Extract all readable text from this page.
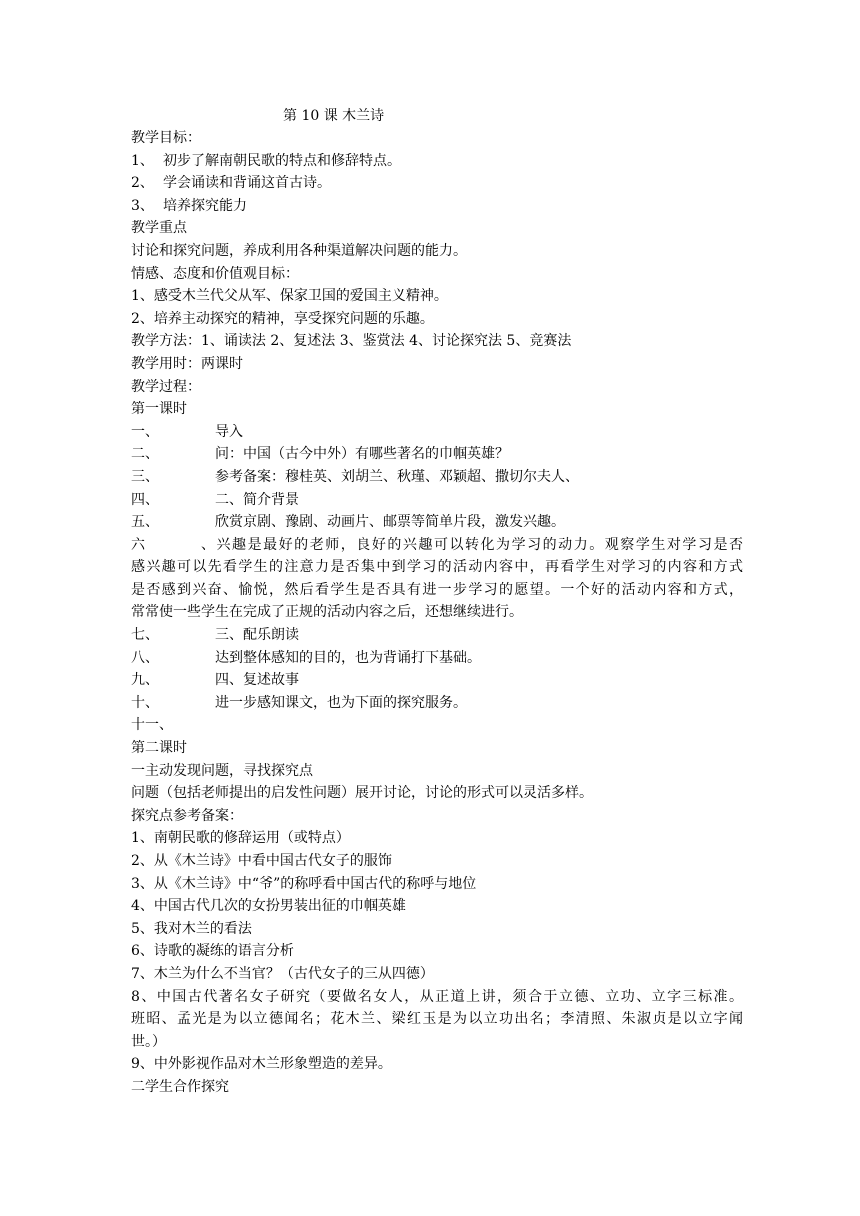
第 10 课 木兰诗
教学目标：
1、 初步了解南朝民歌的特点和修辞特点。
2、 学会诵读和背诵这首古诗。
3、 培养探究能力
教学重点
讨论和探究问题，养成利用各种渠道解决问题的能力。
情感、态度和价值观目标：
1、感受木兰代父从军、保家卫国的爱国主义精神。
2、培养主动探究的精神，享受探究问题的乐趣。
教学方法：1、诵读法 2、复述法 3、鉴赏法 4、讨论探究法 5、竞赛法
教学用时：两课时
教学过程：
第一课时
一、	导入
二、	问：中国（古今中外）有哪些著名的巾帼英雄？
三、	参考备案：穆桂英、刘胡兰、秋瑾、邓颖超、撒切尔夫人、
四、	二、简介背景
五、	欣赏京剧、豫剧、动画片、邮票等简单片段，激发兴趣。
六、兴趣是最好的老师，良好的兴趣可以转化为学习的动力。观察学生对学习是否
感兴趣可以先看学生的注意力是否集中到学习的活动内容中，再看学生对学习的内容和方式
是否感到兴奋、愉悦，然后看学生是否具有进一步学习的愿望。一个好的活动内容和方式，
常常使一些学生在完成了正规的活动内容之后，还想继续进行。
七、	三、配乐朗读
八、	达到整体感知的目的，也为背诵打下基础。
九、	四、复述故事
十、	进一步感知课文，也为下面的探究服务。
十一、
第二课时
一主动发现问题，寻找探究点
问题（包括老师提出的启发性问题）展开讨论，讨论的形式可以灵活多样。
探究点参考备案：
1、南朝民歌的修辞运用（或特点）
2、从《木兰诗》中看中国古代女子的服饰
3、从《木兰诗》中“爷”的称呼看中国古代的称呼与地位
4、中国古代几次的女扮男装出征的巾帼英雄
5、我对木兰的看法
6、诗歌的凝练的语言分析
7、木兰为什么不当官？（古代女子的三从四德）
8、中国古代著名女子研究（要做名女人，从正道上讲，须合于立德、立功、立字三标准。
班昭、孟光是为以立德闻名；花木兰、梁红玉是为以立功出名；李清照、朱淑贞是以立字闻
世。）
9、中外影视作品对木兰形象塑造的差异。
二学生合作探究
